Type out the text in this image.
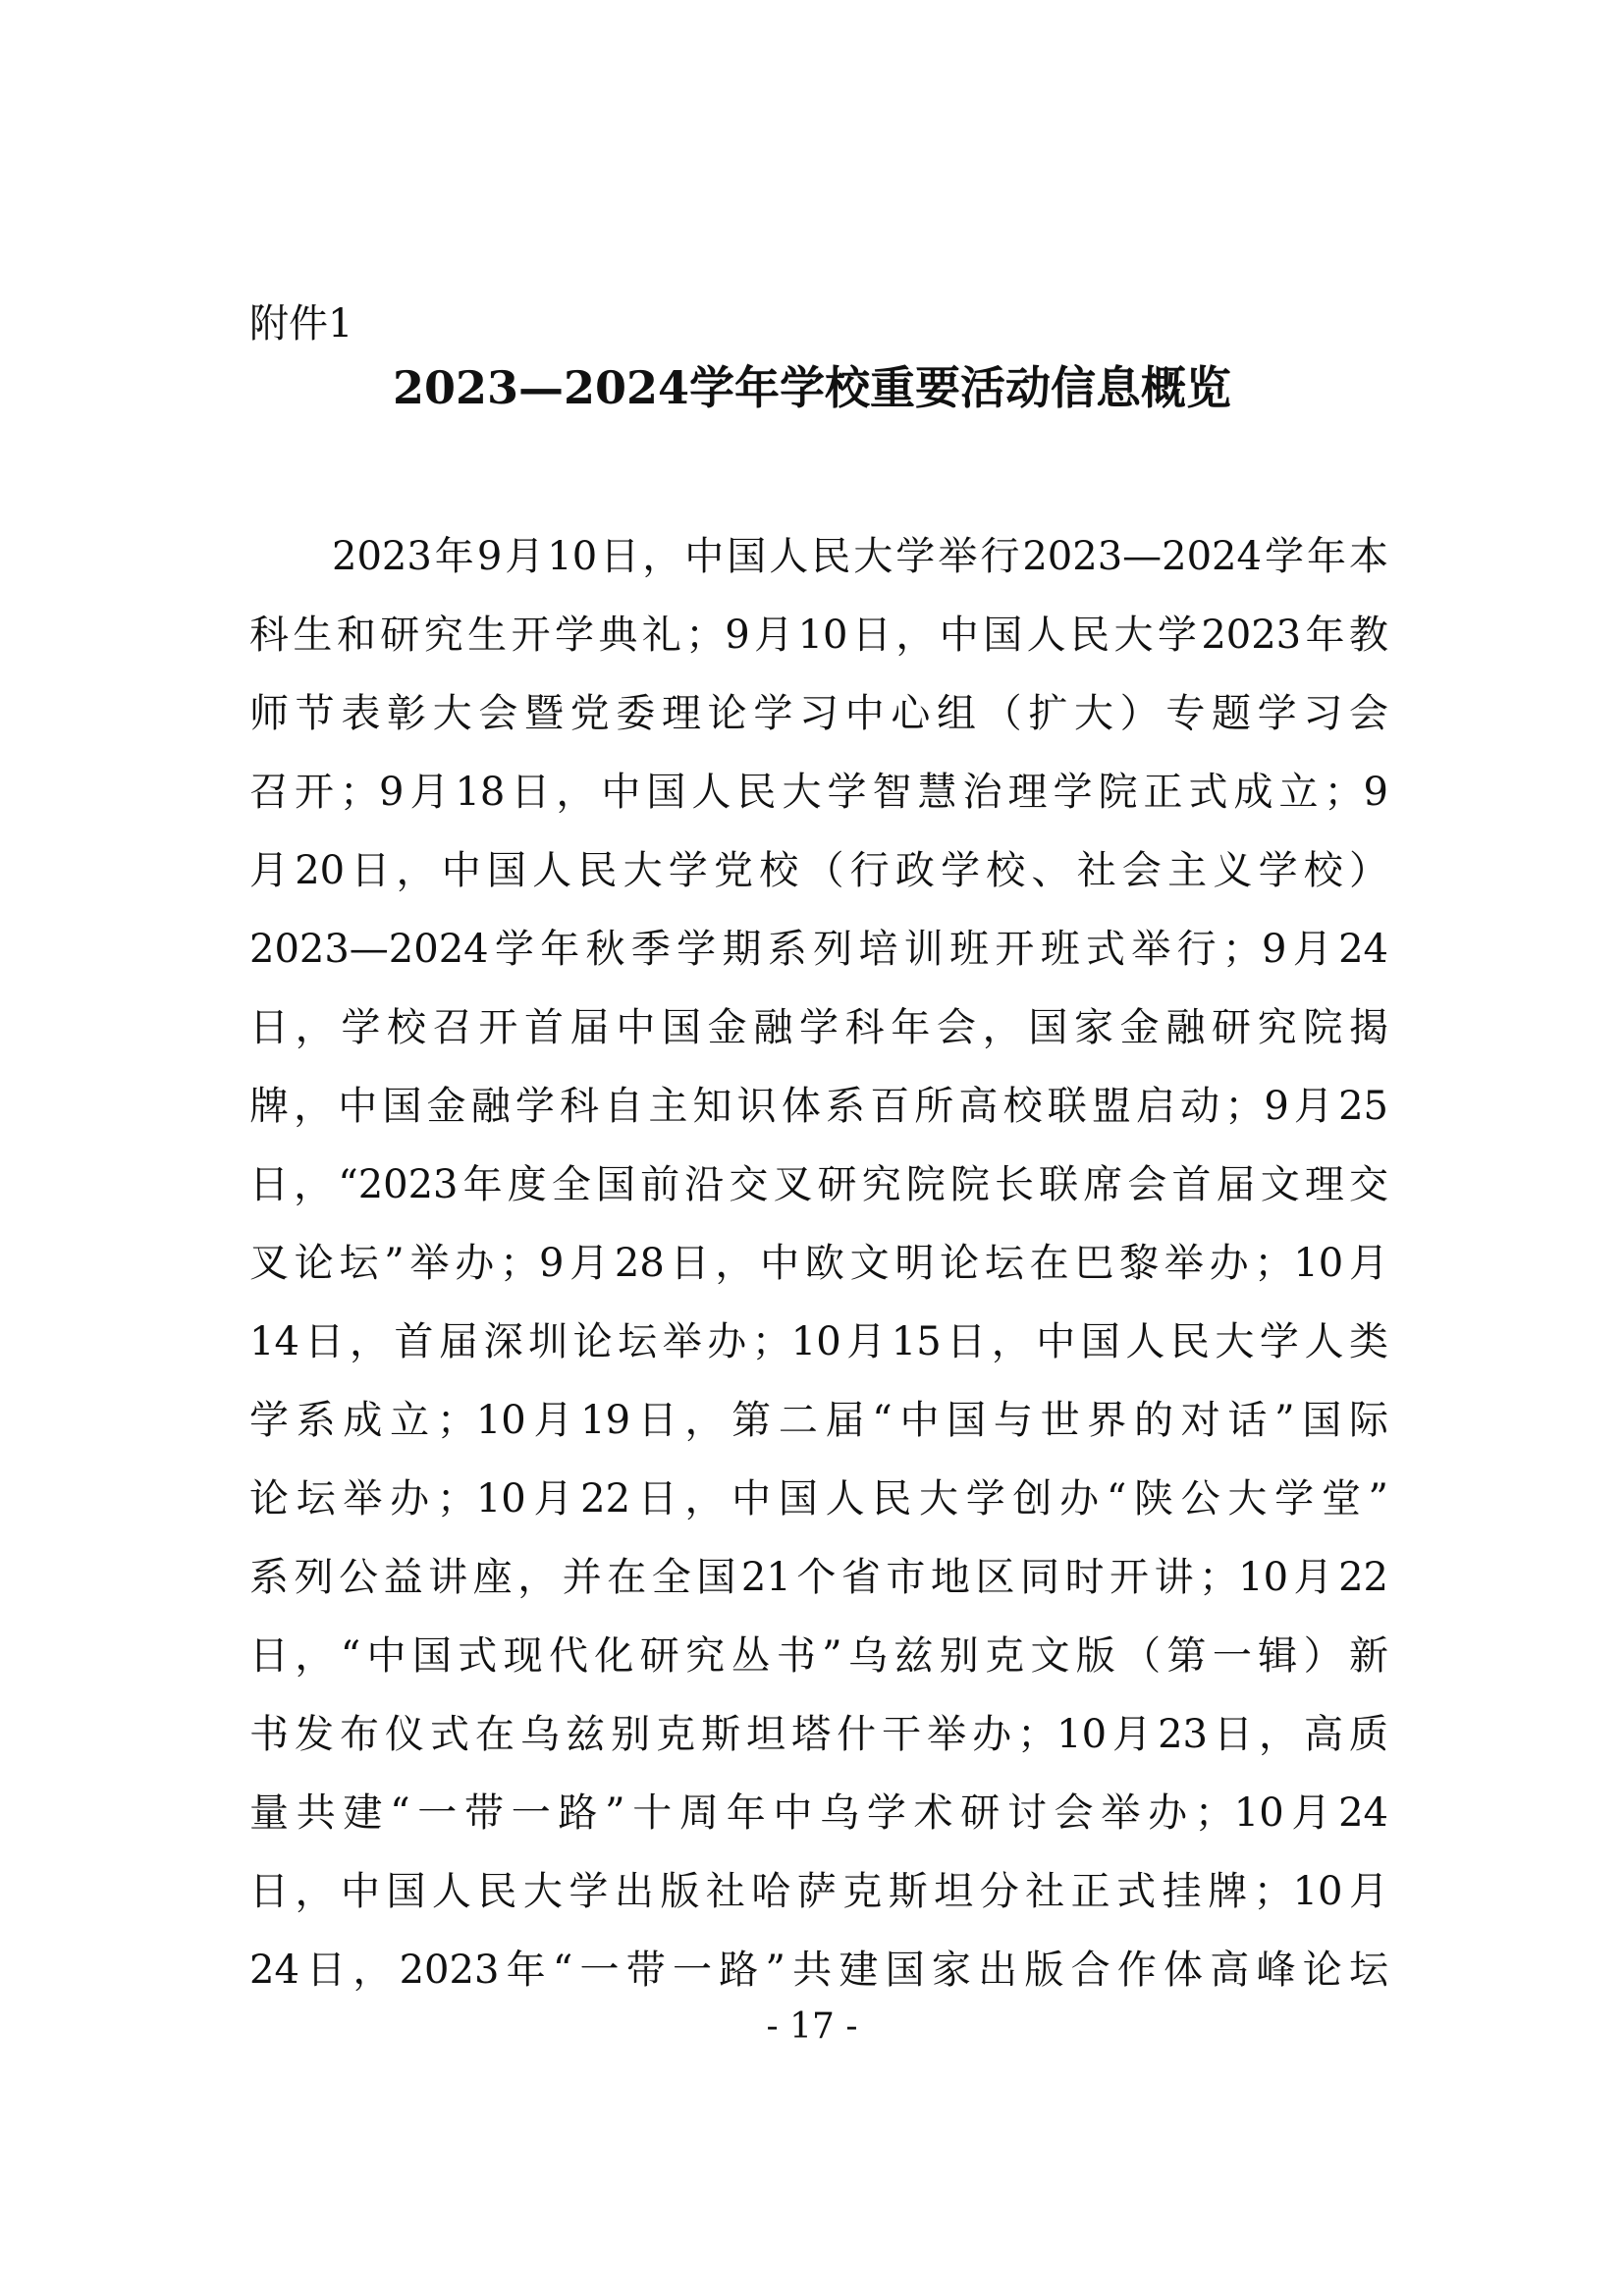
附件1
2023—2024学年学校重要活动信息概览
2023年9月10日，中国人民大学举行2023—2024学年本
科生和研究生开学典礼；9月10日，中国人民大学2023年教
师节表彰大会暨党委理论学习中心组（扩大）专题学习会
召开；9月18日，中国人民大学智慧治理学院正式成立；9
月20日，中国人民大学党校（行政学校、社会主义学校）
2023—2024学年秋季学期系列培训班开班式举行；9月24
日，学校召开首届中国金融学科年会，国家金融研究院揭
牌，中国金融学科自主知识体系百所高校联盟启动；9月25
日，“2023年度全国前沿交叉研究院院长联席会首届文理交
叉论坛”举办；9月28日，中欧文明论坛在巴黎举办；10月
14日，首届深圳论坛举办；10月15日，中国人民大学人类
学系成立；10月19日，第二届“中国与世界的对话”国际
论坛举办；10月22日，中国人民大学创办“陕公大学堂”
系列公益讲座，并在全国21个省市地区同时开讲；10月22
日，“中国式现代化研究丛书”乌兹别克文版（第一辑）新
书发布仪式在乌兹别克斯坦塔什干举办；10月23日，高质
量共建“一带一路”十周年中乌学术研讨会举办；10月24
日，中国人民大学出版社哈萨克斯坦分社正式挂牌；10月
24日，2023年“一带一路”共建国家出版合作体高峰论坛
- 17 -
